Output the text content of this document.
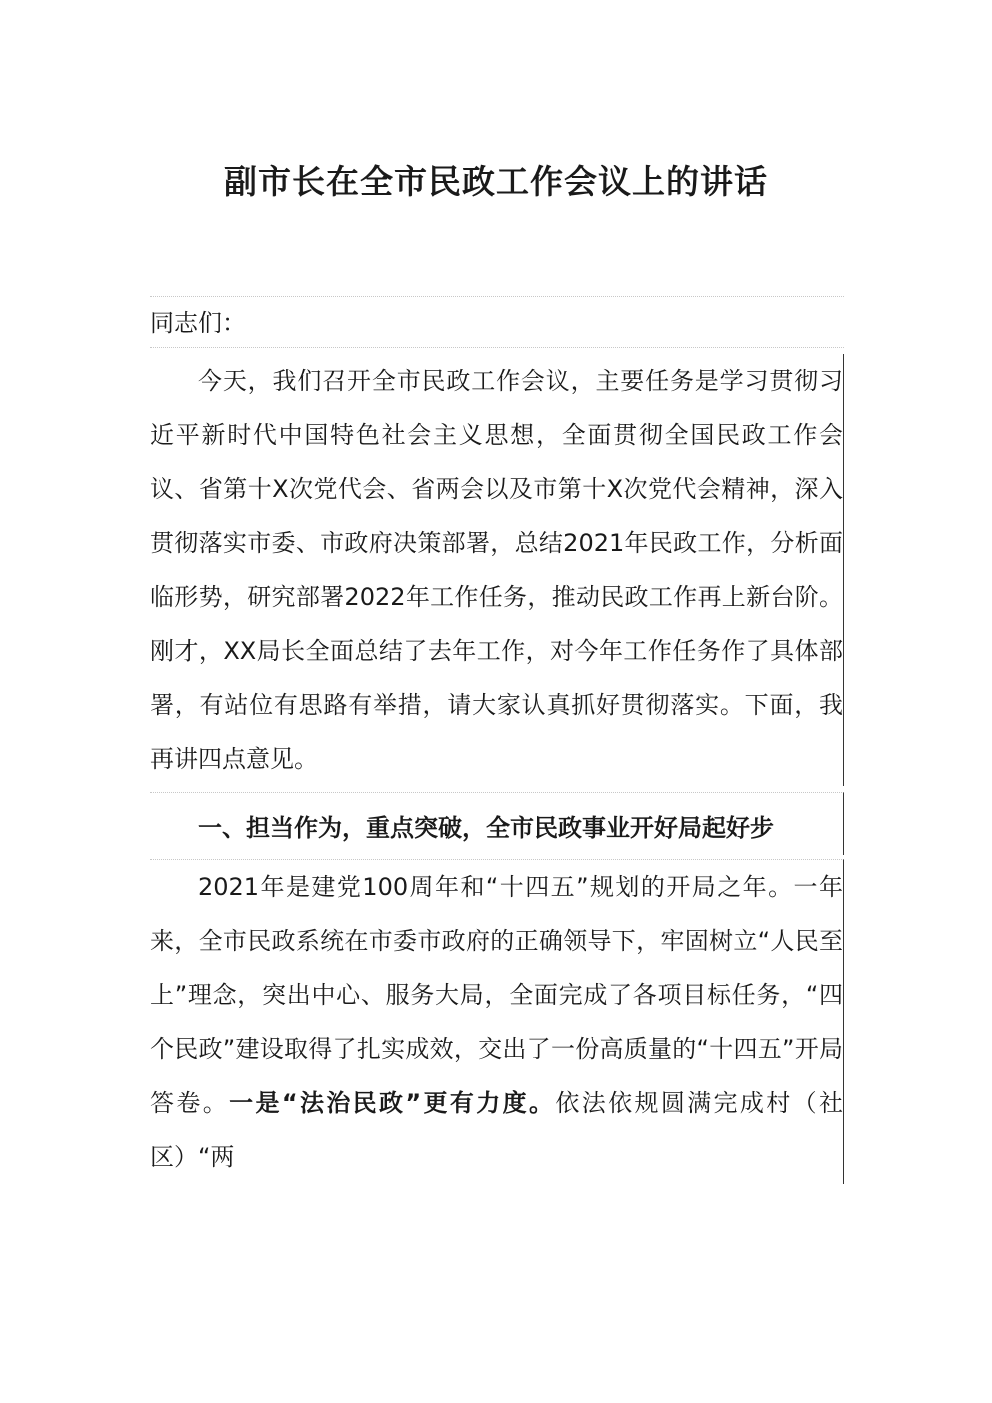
副市长在全市民政工作会议上的讲话

同志们：

今天，我们召开全市民政工作会议，主要任务是学习贯彻习近平新时代中国特色社会主义思想，全面贯彻全国民政工作会议、省第十X次党代会、省两会以及市第十X次党代会精神，深入贯彻落实市委、市政府决策部署，总结2021年民政工作，分析面临形势，研究部署2022年工作任务，推动民政工作再上新台阶。刚才，XX局长全面总结了去年工作，对今年工作任务作了具体部署，有站位有思路有举措，请大家认真抓好贯彻落实。下面，我再讲四点意见。

一、担当作为，重点突破，全市民政事业开好局起好步

2021年是建党100周年和“十四五”规划的开局之年。一年来，全市民政系统在市委市政府的正确领导下，牢固树立“人民至上”理念，突出中心、服务大局，全面完成了各项目标任务，“四个民政”建设取得了扎实成效，交出了一份高质量的“十四五”开局答卷。一是“法治民政”更有力度。依法依规圆满完成村（社区）“两
